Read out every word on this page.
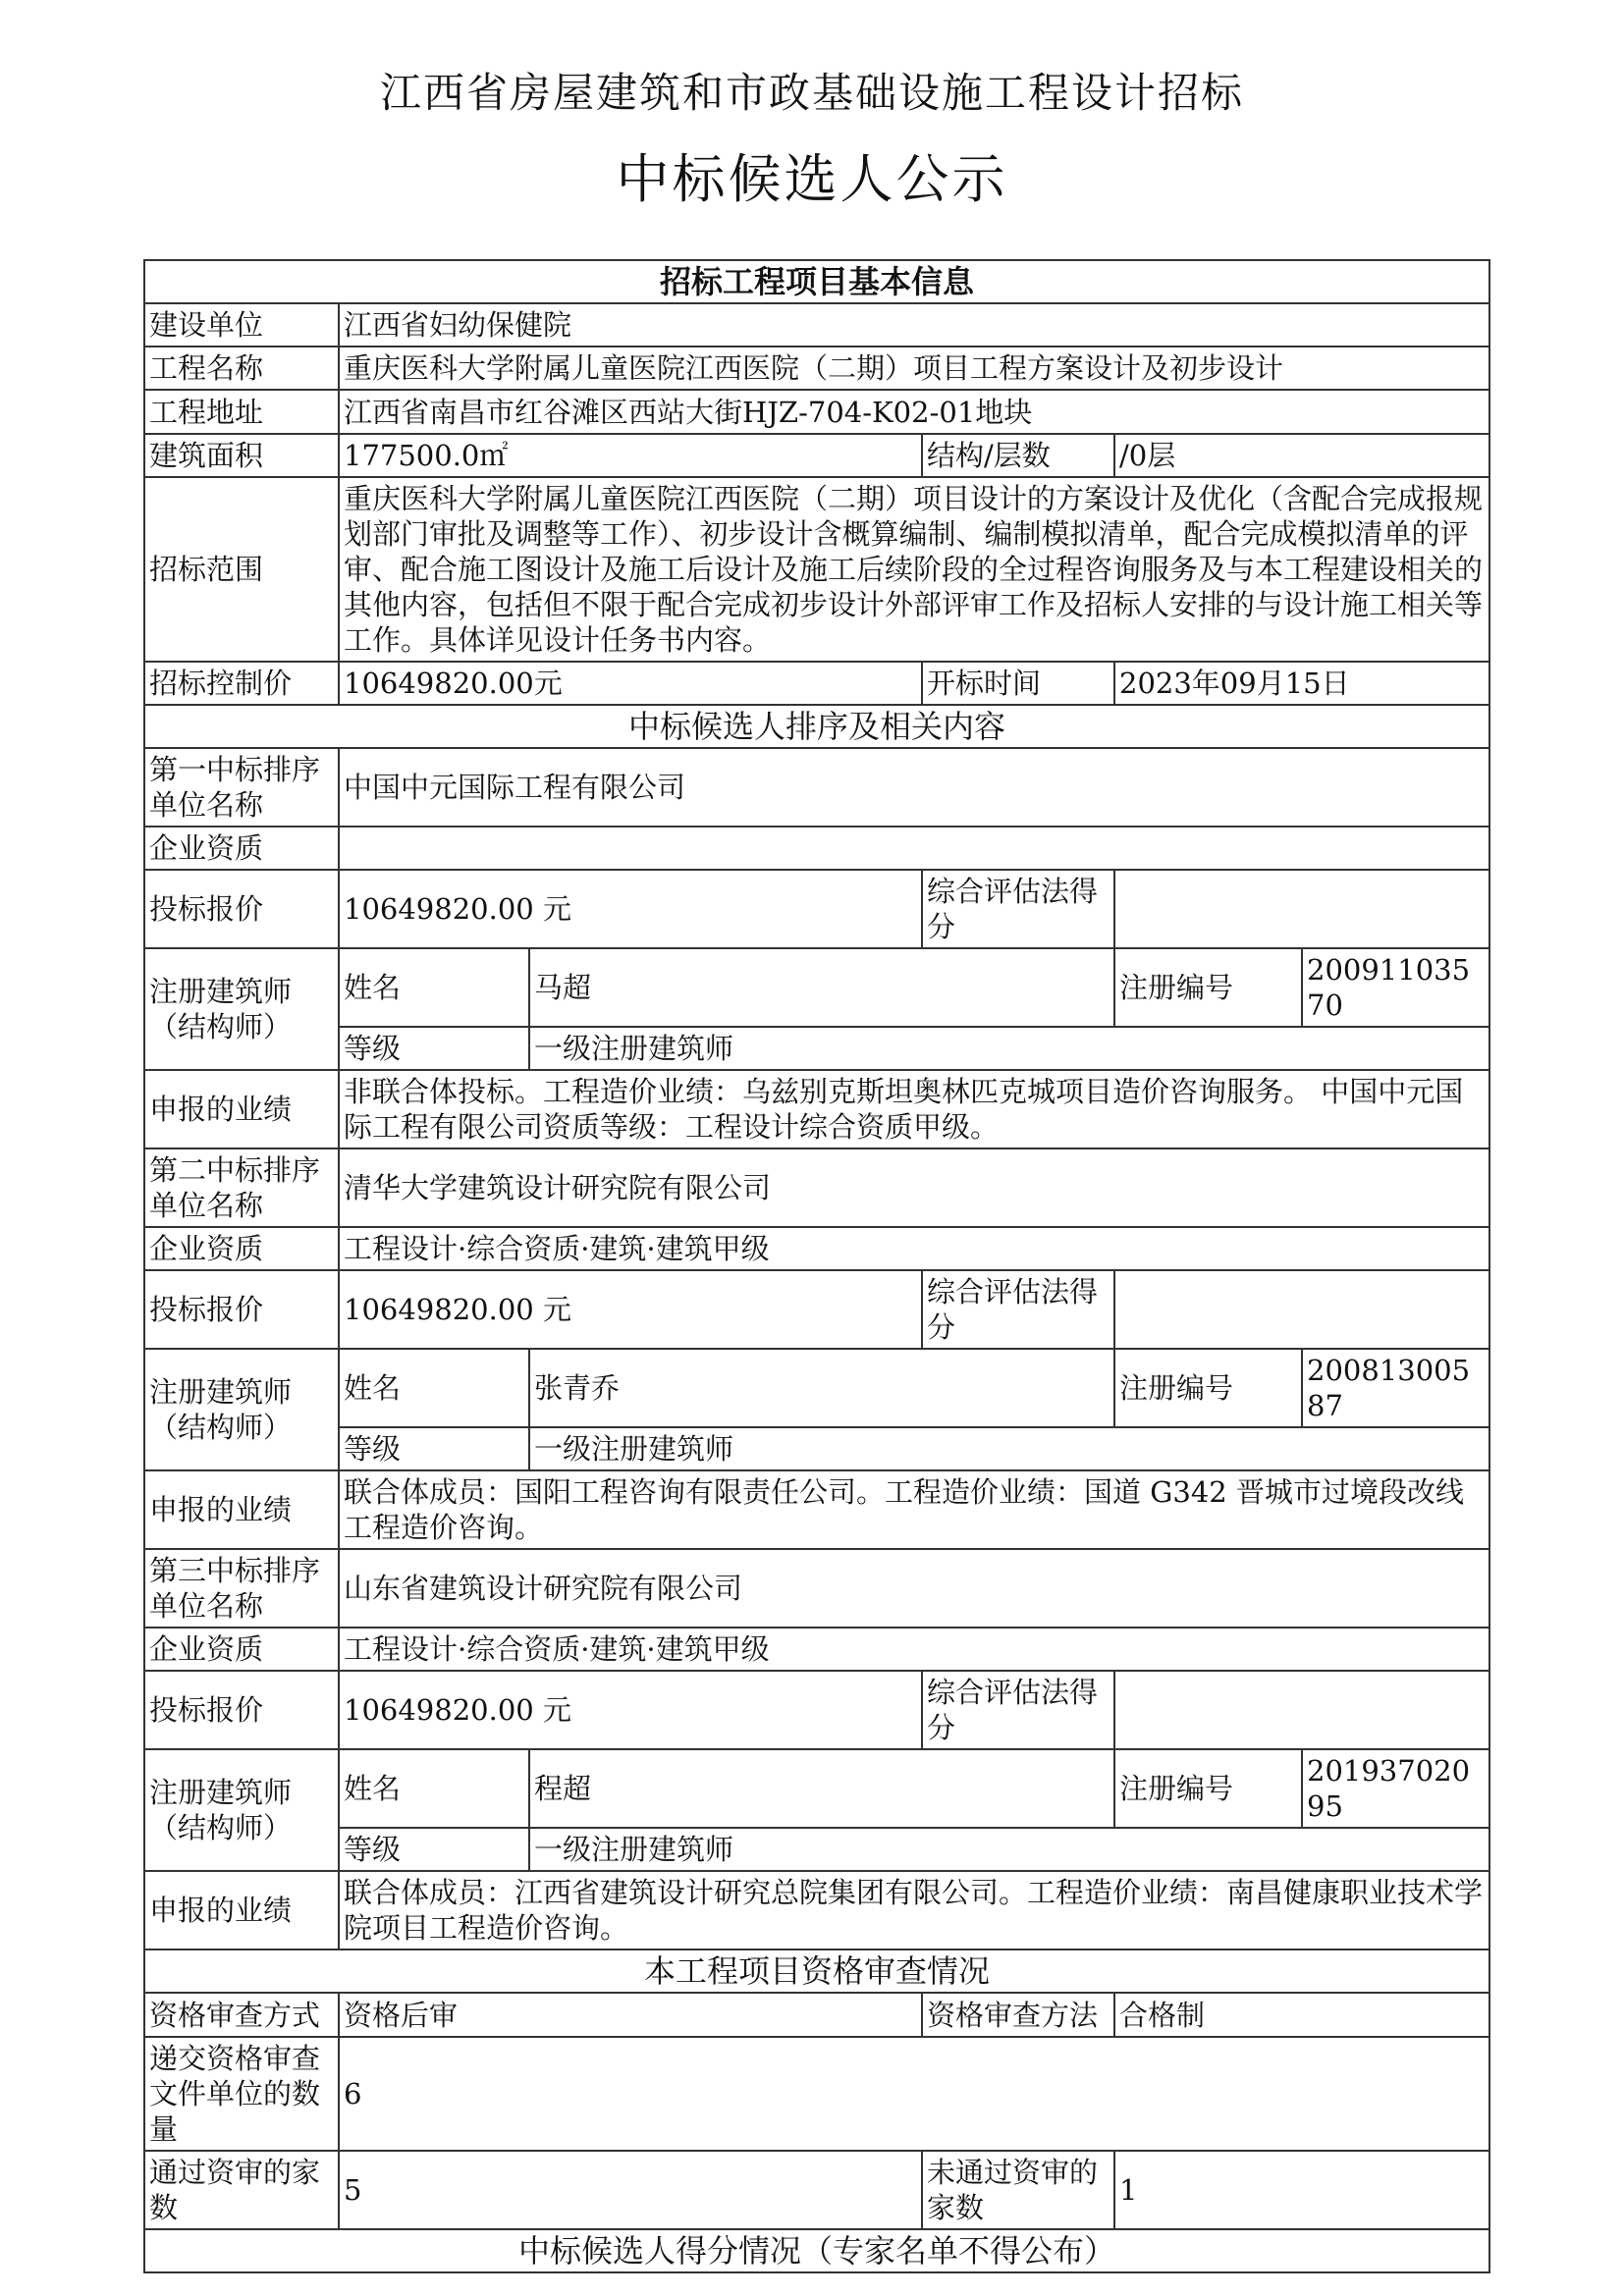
江西省房屋建筑和市政基础设施工程设计招标
中标候选人公示
招标工程项目基本信息					
建设单位	江西省妇幼保健院				
工程名称	重庆医科大学附属儿童医院江西医院（二期）项目工程方案设计及初步设计				
工程地址	江西省南昌市红谷滩区西站大街HJZ-704-K02-01地块				
建筑面积	177500.0㎡		结构/层数	/0层	
招标范围	重庆医科大学附属儿童医院江西医院（二期）项目设计的方案设计及优化（含配合完成报规划部门审批及调整等工作）、初步设计含概算编制、编制模拟清单，配合完成模拟清单的评审、配合施工图设计及施工后设计及施工后续阶段的全过程咨询服务及与本工程建设相关的其他内容，包括但不限于配合完成初步设计外部评审工作及招标人安排的与设计施工相关等工作。具体详见设计任务书内容。				
招标控制价	10649820.00元		开标时间	2023年09月15日	
中标候选人排序及相关内容					
第一中标排序单位名称	中国中元国际工程有限公司				
企业资质					
投标报价	10649820.00 元		综合评估法得分		
注册建筑师（结构师）	姓名	马超		注册编号	20091103570
	等级	一级注册建筑师			
申报的业绩	非联合体投标。工程造价业绩：乌兹别克斯坦奥林匹克城项目造价咨询服务。 中国中元国际工程有限公司资质等级：工程设计综合资质甲级。				
第二中标排序单位名称	清华大学建筑设计研究院有限公司				
企业资质	工程设计·综合资质·建筑·建筑甲级				
投标报价	10649820.00 元		综合评估法得分		
注册建筑师（结构师）	姓名	张青乔		注册编号	20081300587
	等级	一级注册建筑师			
申报的业绩	联合体成员：国阳工程咨询有限责任公司。工程造价业绩：国道 G342 晋城市过境段改线工程造价咨询。				
第三中标排序单位名称	山东省建筑设计研究院有限公司				
企业资质	工程设计·综合资质·建筑·建筑甲级				
投标报价	10649820.00 元		综合评估法得分		
注册建筑师（结构师）	姓名	程超		注册编号	20193702095
	等级	一级注册建筑师			
申报的业绩	联合体成员：江西省建筑设计研究总院集团有限公司。工程造价业绩：南昌健康职业技术学院项目工程造价咨询。				
本工程项目资格审查情况					
资格审查方式	资格后审		资格审查方法	合格制	
递交资格审查文件单位的数量	6				
通过资审的家数	5		未通过资审的家数	1	
中标候选人得分情况（专家名单不得公布）					
